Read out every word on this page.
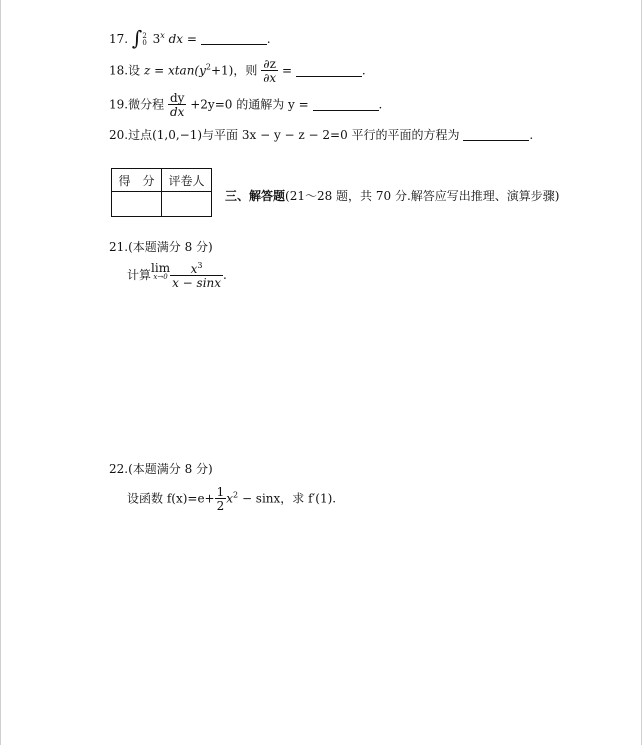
17. ∫2
0 3$^x$ dx =	.
18.设 $z = xtan(y^2+1)$，则 $\frac{\partial z}{\partial x}$ =	.
19.微分程 $\frac{dy}{dx} +2y=0$ 的通解为 y =	.
20.过点(1,0,−1)与平面 3x − y − z − 2=0 平行的平面的方程为	.
得　分	评卷人

三、解答题(21～28 题，共 70 分.解答应写出推理、演算步骤)
21.(本题满分 8 分)
计算 lim
$x\to 0 \frac{x^3}{x - \sin x}$ .
22.(本题满分 8 分)
设函数 $f(x)=e+ \frac{1}{2} x^2 - \sin x$，求 f′(1).
